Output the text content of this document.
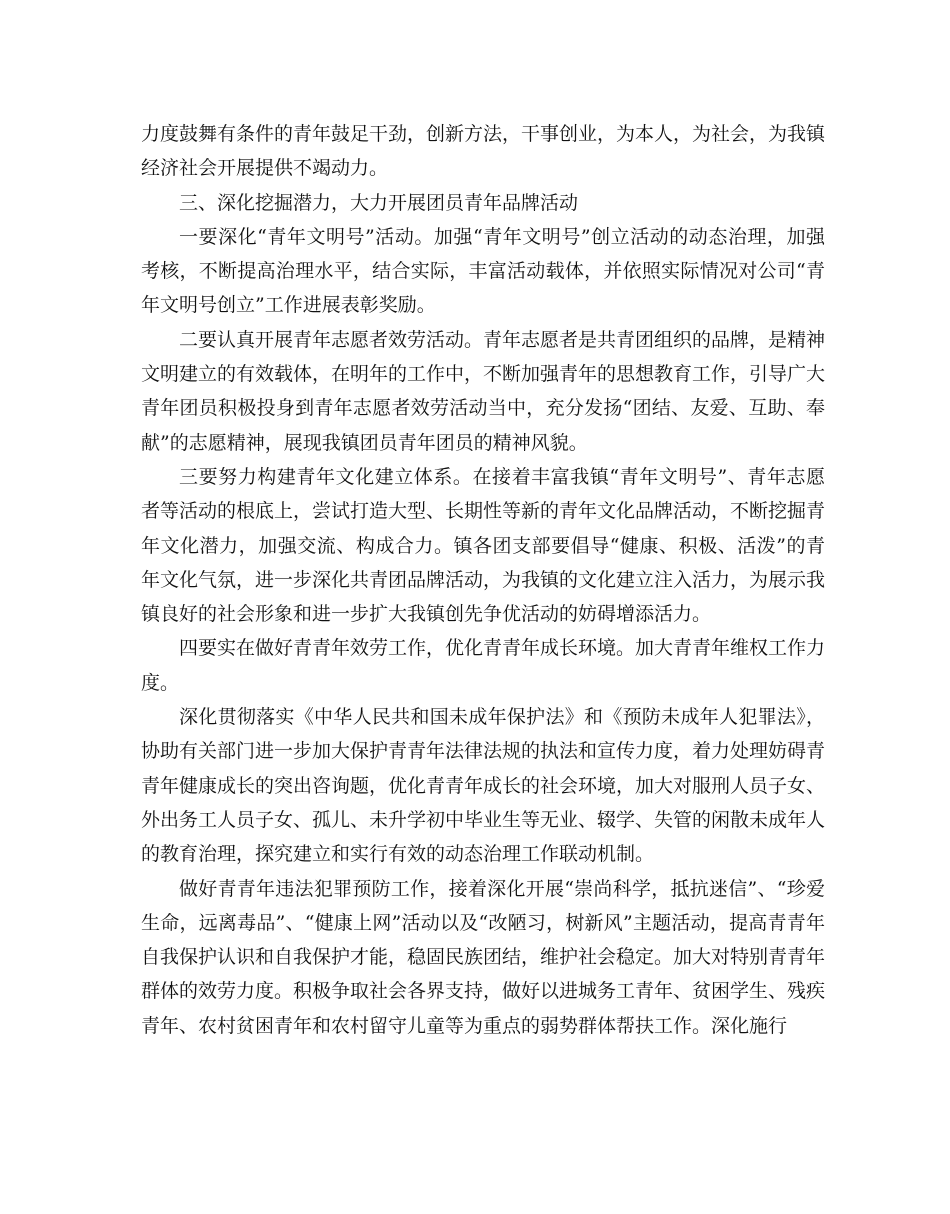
力度鼓舞有条件的青年鼓足干劲，创新方法，干事创业，为本人，为社会，为我镇经济社会开展提供不竭动力。

三、深化挖掘潜力，大力开展团员青年品牌活动

一要深化“青年文明号”活动。加强“青年文明号”创立活动的动态治理，加强考核，不断提高治理水平，结合实际，丰富活动载体，并依照实际情况对公司“青年文明号创立”工作进展表彰奖励。

二要认真开展青年志愿者效劳活动。青年志愿者是共青团组织的品牌，是精神文明建立的有效载体，在明年的工作中，不断加强青年的思想教育工作，引导广大青年团员积极投身到青年志愿者效劳活动当中，充分发扬“团结、友爱、互助、奉献”的志愿精神，展现我镇团员青年团员的精神风貌。

三要努力构建青年文化建立体系。在接着丰富我镇“青年文明号”、青年志愿者等活动的根底上，尝试打造大型、长期性等新的青年文化品牌活动，不断挖掘青年文化潜力，加强交流、构成合力。镇各团支部要倡导“健康、积极、活泼”的青年文化气氛，进一步深化共青团品牌活动，为我镇的文化建立注入活力，为展示我镇良好的社会形象和进一步扩大我镇创先争优活动的妨碍增添活力。

四要实在做好青青年效劳工作，优化青青年成长环境。加大青青年维权工作力度。

深化贯彻落实《中华人民共和国未成年保护法》和《预防未成年人犯罪法》，协助有关部门进一步加大保护青青年法律法规的执法和宣传力度，着力处理妨碍青青年健康成长的突出咨询题，优化青青年成长的社会环境，加大对服刑人员子女、外出务工人员子女、孤儿、未升学初中毕业生等无业、辍学、失管的闲散未成年人的教育治理，探究建立和实行有效的动态治理工作联动机制。

做好青青年违法犯罪预防工作，接着深化开展“崇尚科学，抵抗迷信”、“珍爱生命，远离毒品”、“健康上网”活动以及“改陋习，树新风”主题活动，提高青青年自我保护认识和自我保护才能，稳固民族团结，维护社会稳定。加大对特别青青年群体的效劳力度。积极争取社会各界支持，做好以进城务工青年、贫困学生、残疾青年、农村贫困青年和农村留守儿童等为重点的弱势群体帮扶工作。深化施行
